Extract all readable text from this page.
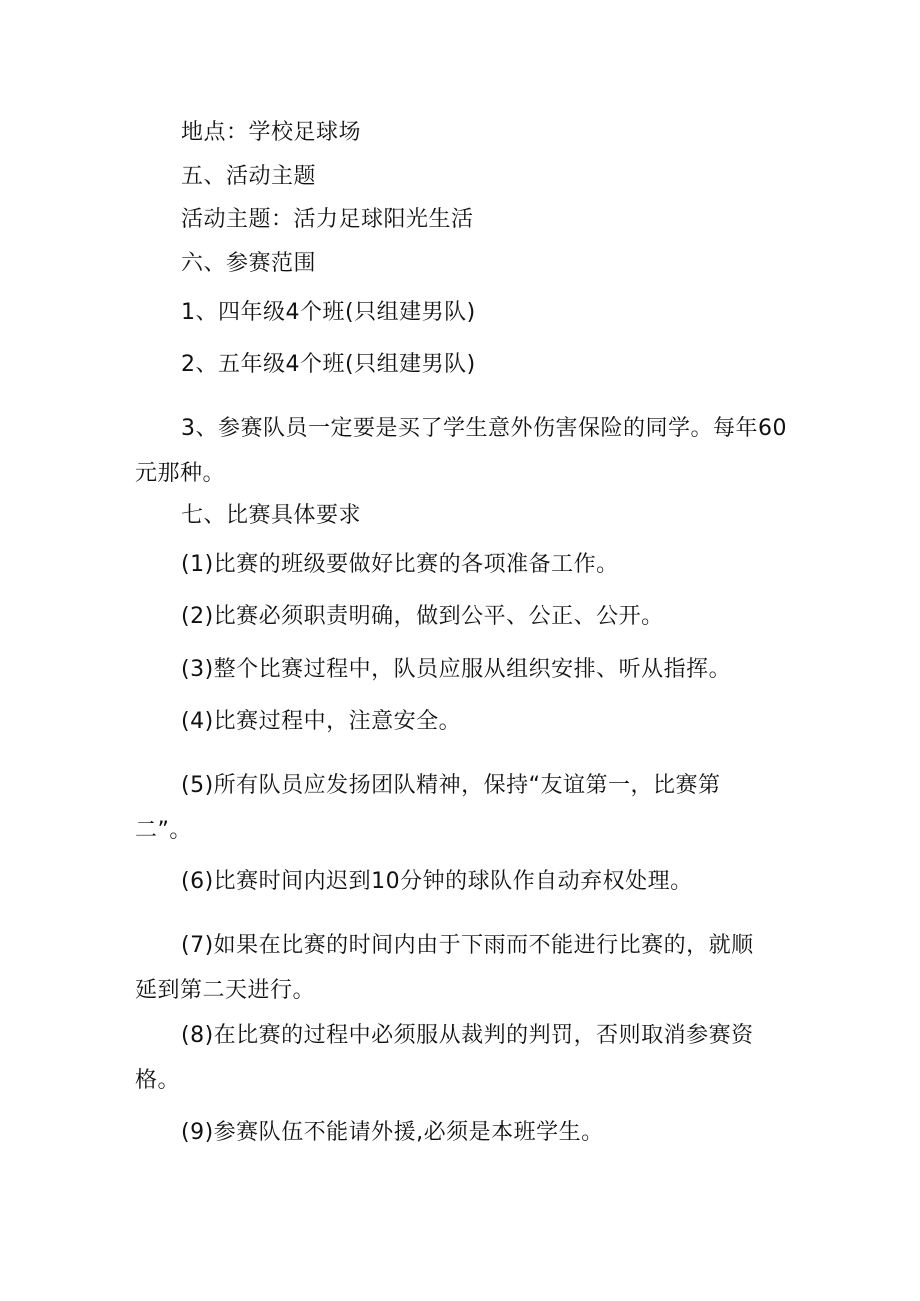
地点：学校足球场
五、活动主题
活动主题：活力足球阳光生活
六、参赛范围
1、四年级4个班(只组建男队)
2、五年级4个班(只组建男队)
3、参赛队员一定要是买了学生意外伤害保险的同学。每年60
元那种。
七、比赛具体要求
(1)比赛的班级要做好比赛的各项准备工作。
(2)比赛必须职责明确，做到公平、公正、公开。
(3)整个比赛过程中，队员应服从组织安排、听从指挥。
(4)比赛过程中，注意安全。
(5)所有队员应发扬团队精神，保持“友谊第一，比赛第
二”。
(6)比赛时间内迟到10分钟的球队作自动弃权处理。
(7)如果在比赛的时间内由于下雨而不能进行比赛的，就顺
延到第二天进行。
(8)在比赛的过程中必须服从裁判的判罚，否则取消参赛资
格。
(9)参赛队伍不能请外援,必须是本班学生。
